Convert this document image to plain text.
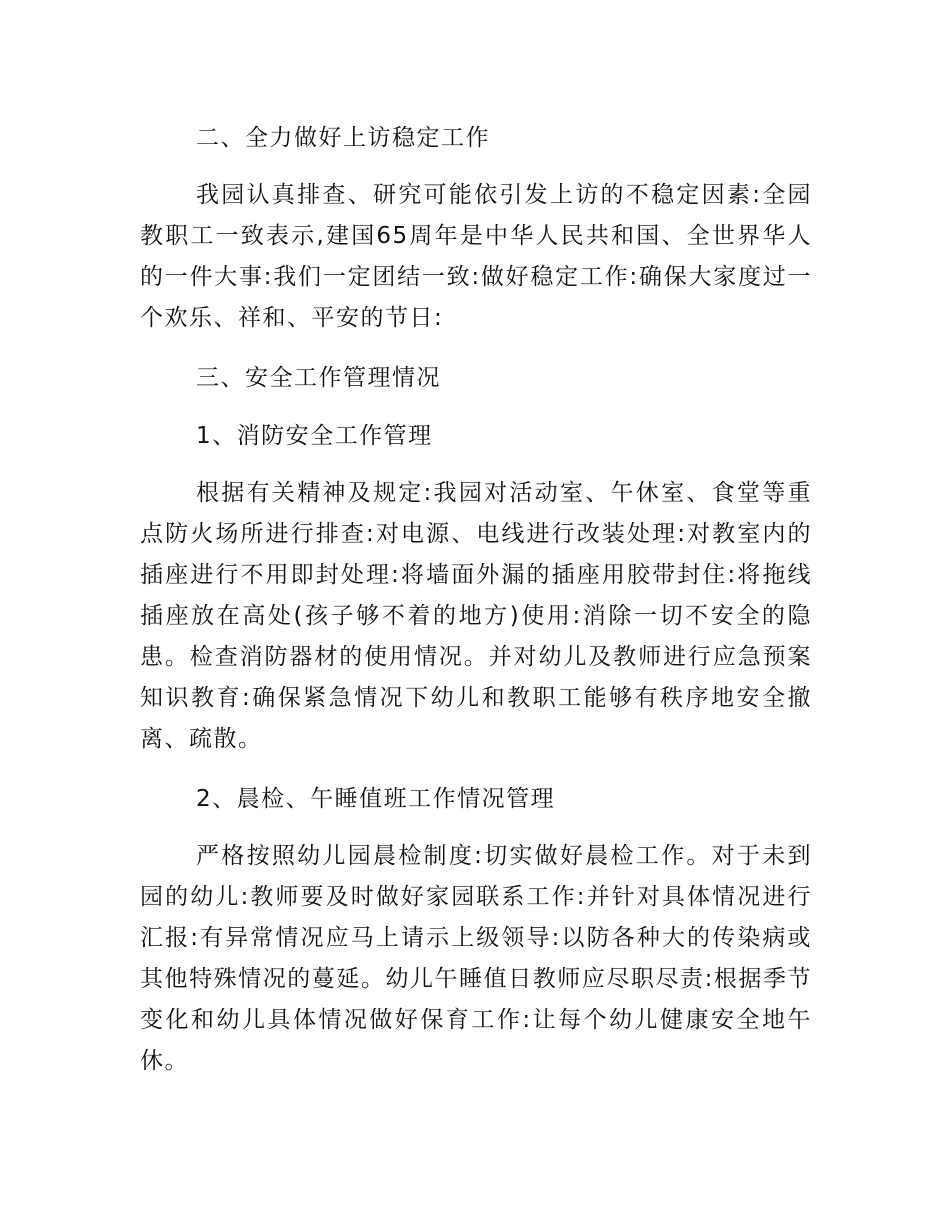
二、全力做好上访稳定工作

我园认真排查、研究可能依引发上访的不稳定因素:全园教职工一致表示,建国65周年是中华人民共和国、全世界华人的一件大事:我们一定团结一致:做好稳定工作:确保大家度过一个欢乐、祥和、平安的节日:

三、安全工作管理情况

1、消防安全工作管理

根据有关精神及规定:我园对活动室、午休室、食堂等重点防火场所进行排查:对电源、电线进行改装处理:对教室内的插座进行不用即封处理:将墙面外漏的插座用胶带封住:将拖线插座放在高处(孩子够不着的地方)使用:消除一切不安全的隐患。检查消防器材的使用情况。并对幼儿及教师进行应急预案知识教育:确保紧急情况下幼儿和教职工能够有秩序地安全撤离、疏散。

2、晨检、午睡值班工作情况管理

严格按照幼儿园晨检制度:切实做好晨检工作。对于未到园的幼儿:教师要及时做好家园联系工作:并针对具体情况进行汇报:有异常情况应马上请示上级领导:以防各种大的传染病或其他特殊情况的蔓延。幼儿午睡值日教师应尽职尽责:根据季节变化和幼儿具体情况做好保育工作:让每个幼儿健康安全地午休。
